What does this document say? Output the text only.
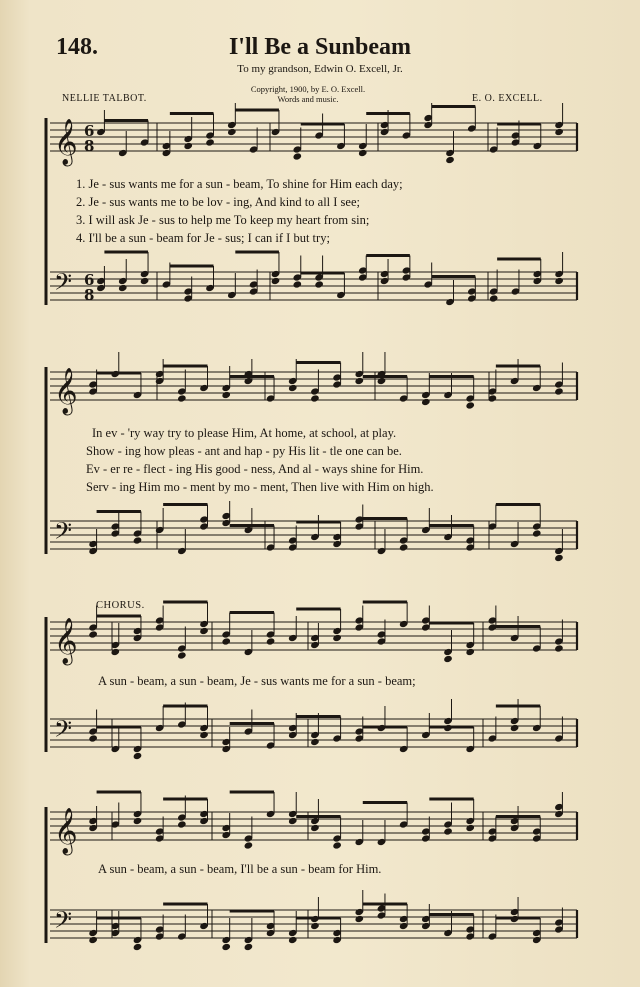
148.	I'll Be a Sunbeam
To my grandson, Edwin O. Excell, Jr.
Copyright, 1900, by E. O. Excell.
Words and music.
NELLIE TALBOT.	E. O. EXCELL.
𝄞 6
8
𝄢 6
8
𝄞
𝄢
𝄞
𝄢
𝄞
𝄢
1. Je - sus wants me for a sun - beam, To shine for Him each day;
2. Je - sus wants me to be lov - ing, And kind to all I see;
3. I will ask Je - sus to help me To keep my heart from sin;
4. I'll be a sun - beam for Je - sus; I can if I but try;
In ev - 'ry way try to please Him, At home, at school, at play.
Show - ing how pleas - ant and hap - py His lit - tle one can be.
Ev - er re - flect - ing His good - ness, And al - ways shine for Him.
Serv - ing Him mo - ment by mo - ment, Then live with Him on high.
CHORUS.
A sun - beam, a sun - beam, Je - sus wants me for a sun - beam;
A sun - beam, a sun - beam, I'll be a sun - beam for Him.
